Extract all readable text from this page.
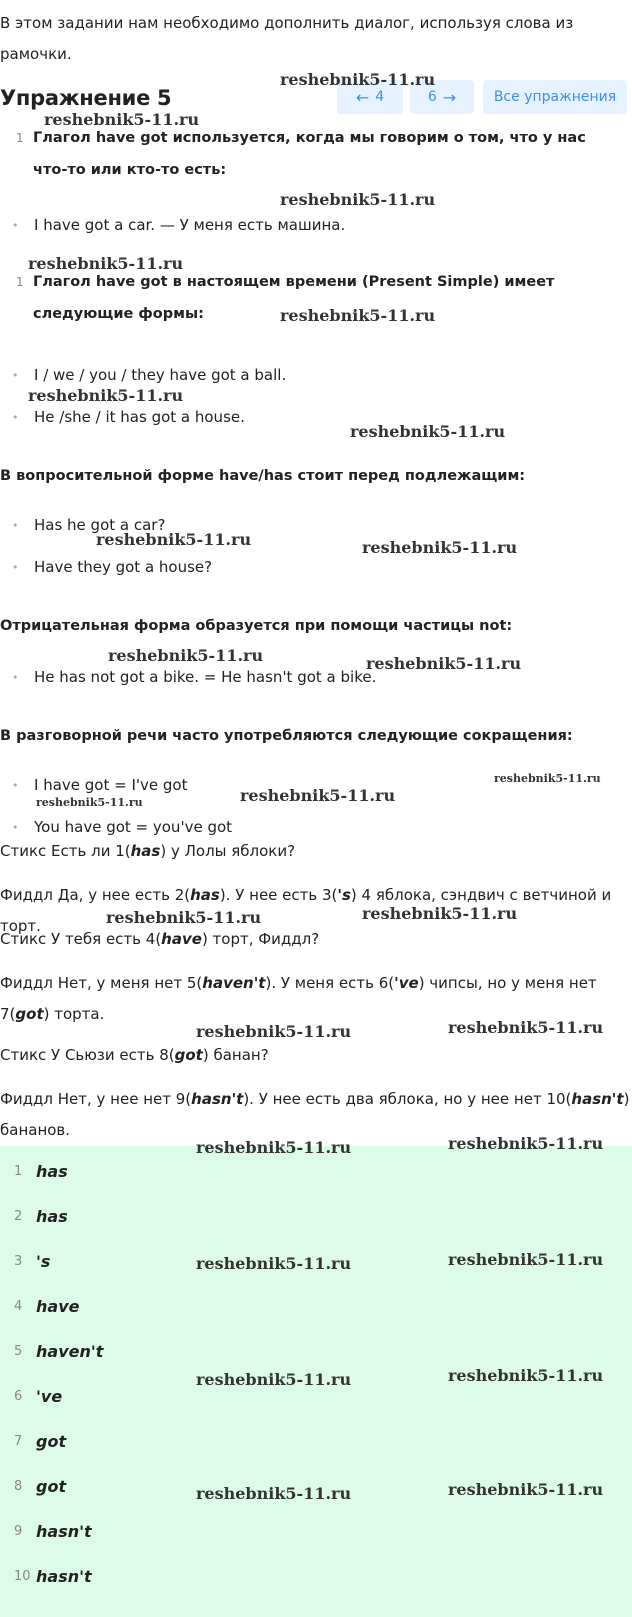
В этом задании нам необходимо дополнить диалог, используя слова из рамочки.
Упражнение 5	← 4	6 →	Все упражнения
1 Глагол have got используется, когда мы говорим о том, что у нас что-то или кто-то есть:
• I have got a car. — У меня есть машина.
1 Глагол have got в настоящем времени (Present Simple) имеет следующие формы:
• I / we / you / they have got a ball.
• He /she / it has got a house.
В вопросительной форме have/has стоит перед подлежащим:
• Has he got a car?
• Have they got a house?
Отрицательная форма образуется при помощи частицы not:
• He has not got a bike. = He hasn't got a bike.
В разговорной речи часто употребляются следующие сокращения:
• I have got = I've got
• You have got = you've got
Стикс Есть ли 1(has) у Лолы яблоки?
Фиддл Да, у нее есть 2(has). У нее есть 3('s) 4 яблока, сэндвич с ветчиной и торт.
Стикс У тебя есть 4(have) торт, Фиддл?
Фиддл Нет, у меня нет 5(haven't). У меня есть 6('ve) чипсы, но у меня нет 7(got) торта.
Стикс У Сьюзи есть 8(got) банан?
Фиддл Нет, у нее нет 9(hasn't). У нее есть два яблока, но у нее нет 10(hasn't) бананов.
1 has
2 has
3 's
4 have
5 haven't
6 've
7 got
8 got
9 hasn't
10 hasn't
reshebnik5-11.ru
reshebnik5-11.ru
reshebnik5-11.ru
reshebnik5-11.ru
reshebnik5-11.ru
reshebnik5-11.ru
reshebnik5-11.ru
reshebnik5-11.ru	reshebnik5-11.ru
reshebnik5-11.ru	reshebnik5-11.ru
reshebnik5-11.ru
reshebnik5-11.ru	reshebnik5-11.ru
reshebnik5-11.ru	reshebnik5-11.ru
reshebnik5-11.ru	reshebnik5-11.ru
reshebnik5-11.ru	reshebnik5-11.ru
reshebnik5-11.ru	reshebnik5-11.ru
reshebnik5-11.ru	reshebnik5-11.ru
reshebnik5-11.ru	reshebnik5-11.ru
